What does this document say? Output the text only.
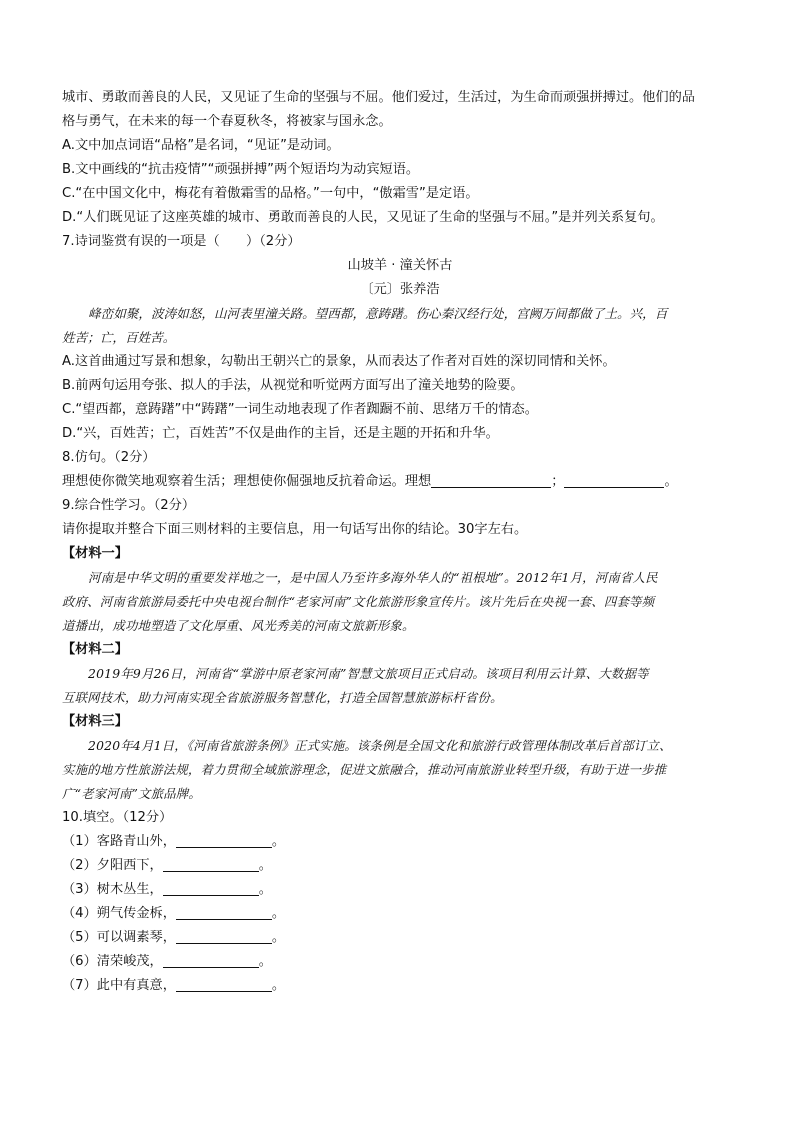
城市、勇敢而善良的人民，又见证了生命的坚强与不屈。他们爱过，生活过，为生命而顽强拼搏过。他们的品
格与勇气，在未来的每一个春夏秋冬，将被家与国永念。
A.文中加点词语“品格”是名词，“见证”是动词。
B.文中画线的“抗击疫情”“顽强拼搏”两个短语均为动宾短语。
C.“在中国文化中，梅花有着傲霜雪的品格。”一句中，“傲霜雪”是定语。
D.“人们既见证了这座英雄的城市、勇敢而善良的人民，又见证了生命的坚强与不屈。”是并列关系复句。
7.诗词鉴赏有误的一项是（　　）（2分）
山坡羊 · 潼关怀古
〔元〕张养浩
峰峦如聚，波涛如怒，山河表里潼关路。望西都，意踌躇。伤心秦汉经行处，宫阙万间都做了土。兴，百
姓苦；亡，百姓苦。
A.这首曲通过写景和想象，勾勒出王朝兴亡的景象，从而表达了作者对百姓的深切同情和关怀。
B.前两句运用夸张、拟人的手法，从视觉和听觉两方面写出了潼关地势的险要。
C.“望西都，意踌躇”中“踌躇”一词生动地表现了作者踟蹰不前、思绪万千的情态。
D.“兴，百姓苦；亡，百姓苦”不仅是曲作的主旨，还是主题的开拓和升华。
8.仿句。（2分）
理想使你微笑地观察着生活；理想使你倔强地反抗着命运。理想	；	。
9.综合性学习。（2分）
请你提取并整合下面三则材料的主要信息，用一句话写出你的结论。30字左右。
【材料一】
河南是中华文明的重要发祥地之一，是中国人乃至许多海外华人的“祖根地”。2012年1月，河南省人民
政府、河南省旅游局委托中央电视台制作“老家河南”文化旅游形象宣传片。该片先后在央视一套、四套等频
道播出，成功地塑造了文化厚重、风光秀美的河南文旅新形象。
【材料二】
2019年9月26日，河南省“掌游中原老家河南”智慧文旅项目正式启动。该项目利用云计算、大数据等
互联网技术，助力河南实现全省旅游服务智慧化，打造全国智慧旅游标杆省份。
【材料三】
2020年4月1日，《河南省旅游条例》正式实施。该条例是全国文化和旅游行政管理体制改革后首部订立、
实施的地方性旅游法规，着力贯彻全域旅游理念，促进文旅融合，推动河南旅游业转型升级，有助于进一步推
广“老家河南”文旅品牌。
10.填空。（12分）
（1）客路青山外，	。
（2）夕阳西下，	。
（3）树木丛生，	。
（4）朔气传金柝，	。
（5）可以调素琴，	。
（6）清荣峻茂，	。
（7）此中有真意，	。
